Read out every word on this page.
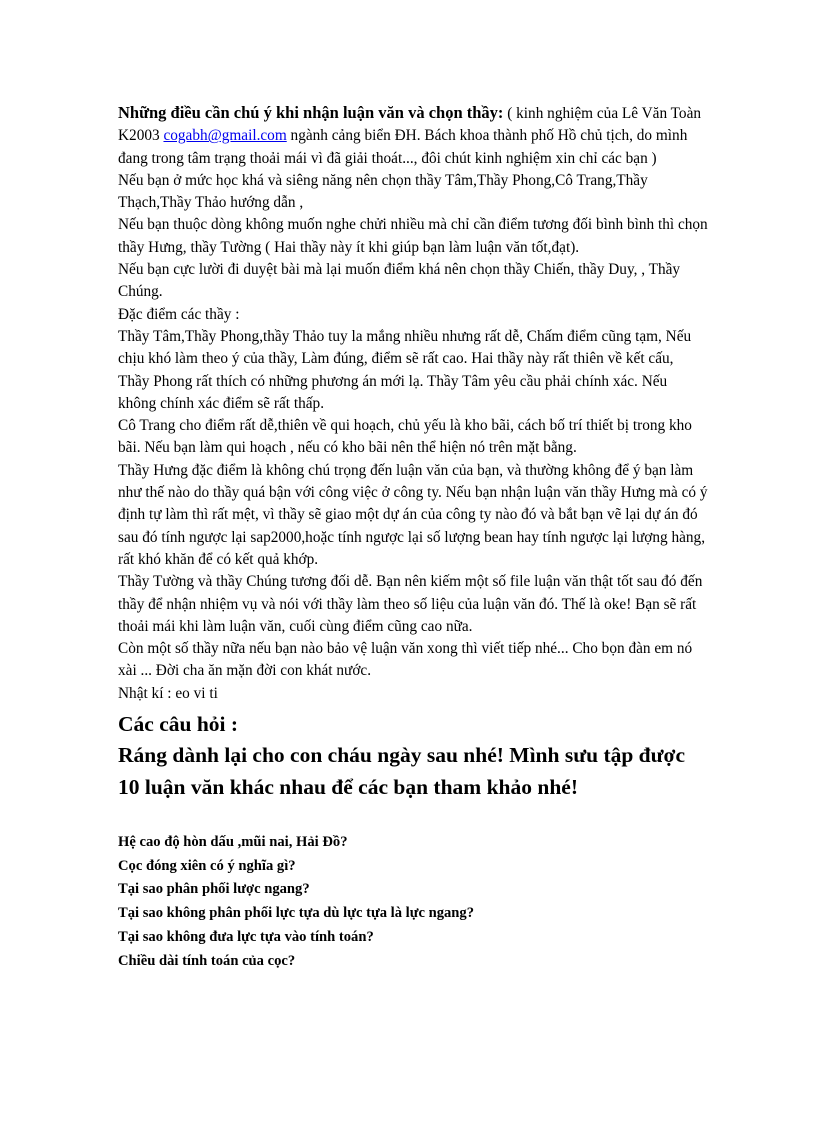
Những điều cần chú ý khi nhận luận văn và chọn thầy: ( kinh nghiệm của Lê Văn Toàn K2003 cogabh@gmail.com ngành cảng biển ĐH. Bách khoa thành phố Hồ chủ tịch, do mình đang trong tâm trạng thoải mái vì đã giải thoát..., đôi chút kinh nghiệm xin chỉ các bạn )

Nếu bạn ở mức học khá và siêng năng nên chọn thầy Tâm,Thầy Phong,Cô Trang,Thầy Thạch,Thầy Thảo hướng dẫn ,

Nếu bạn thuộc dòng không muốn nghe chửi nhiều mà chỉ cần điểm tương đối bình bình thì chọn thầy Hưng, thầy Tường ( Hai thầy này ít khi giúp bạn làm luận văn tốt,đạt).

Nếu bạn cực lười đi duyệt bài mà lại muốn điểm khá nên chọn thầy Chiến, thầy Duy, , Thầy Chúng.

Đặc điểm các thầy :

Thầy Tâm,Thầy Phong,thầy Thảo tuy la mắng nhiều nhưng rất dễ, Chấm điểm cũng tạm, Nếu chịu khó làm theo ý của thầy, Làm đúng, điểm sẽ rất cao. Hai thầy này rất thiên về kết cấu, Thầy Phong rất thích có những phương án mới lạ. Thầy Tâm yêu cầu phải chính xác. Nếu không chính xác điểm sẽ rất thấp.

Cô Trang cho điểm rất dễ,thiên về qui hoạch, chủ yếu là kho bãi, cách bố trí thiết bị trong kho bãi. Nếu bạn làm qui hoạch , nếu có kho bãi nên thể hiện nó trên mặt bằng.

Thầy Hưng đặc điểm là không chú trọng đến luận văn của bạn, và thường không để ý bạn làm như thế nào do thầy quá bận với công việc ở công ty. Nếu bạn nhận luận văn thầy Hưng mà có ý định tự làm thì rất mệt, vì thầy sẽ giao một dự án của công ty nào đó và bắt bạn vẽ lại dự án đó sau đó tính ngược lại sap2000,hoặc tính ngược lại số lượng bean hay tính ngược lại lượng hàng, rất khó khăn để có kết quả khớp.

Thầy Tường và thầy Chúng tương đối dễ. Bạn nên kiếm một số file luận văn thật tốt sau đó đến thầy để nhận nhiệm vụ và nói với thầy làm theo số liệu của luận văn đó. Thế là oke! Bạn sẽ rất thoải mái khi làm luận văn, cuối cùng điểm cũng cao nữa.

Còn một số thầy nữa nếu bạn nào bảo vệ luận văn xong thì viết tiếp nhé... Cho bọn đàn em nó xài ... Đời cha ăn mặn đời con khát nước.

Nhật kí : eo vi ti

Các câu hỏi :

Ráng dành lại cho con cháu ngày sau nhé! Mình sưu tập được 10 luận văn khác nhau để các bạn tham khảo nhé!

Hệ cao độ hòn dấu ,mũi nai, Hải Đồ?

Cọc đóng xiên có ý nghĩa gì?

Tại sao phân phối lược ngang?

Tại sao không phân phối lực tựa dù lực tựa là lực ngang?

Tại sao không đưa lực tựa vào tính toán?

Chiều dài tính toán của cọc?
